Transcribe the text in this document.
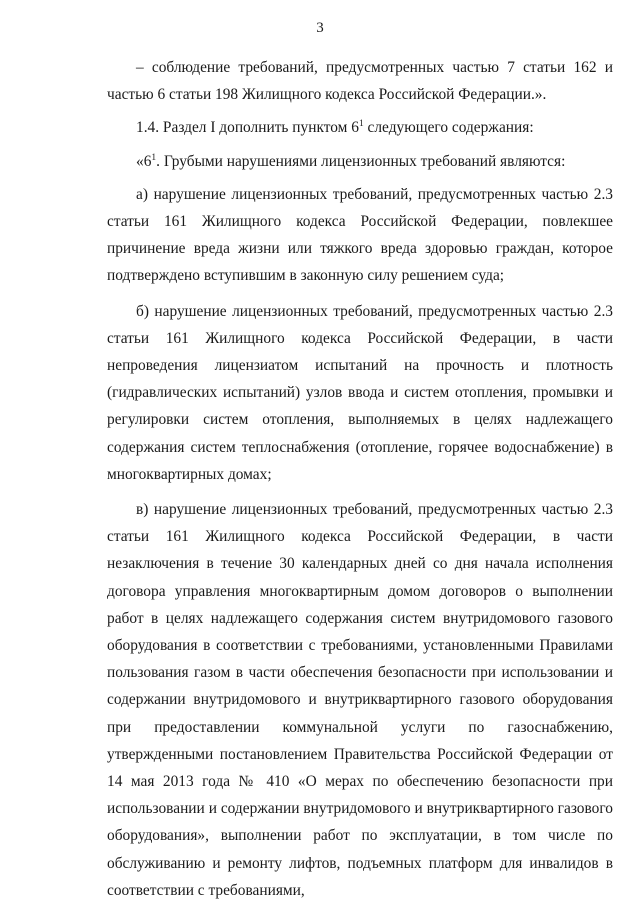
3

– соблюдение требований, предусмотренных частью 7 статьи 162 и частью 6 статьи 198 Жилищного кодекса Российской Федерации.».

1.4. Раздел I дополнить пунктом $6^1$ следующего содержания:

«$6^1$. Грубыми нарушениями лицензионных требований являются:

а) нарушение лицензионных требований, предусмотренных частью 2.3 статьи 161 Жилищного кодекса Российской Федерации, повлекшее причинение вреда жизни или тяжкого вреда здоровью граждан, которое подтверждено вступившим в законную силу решением суда;

б) нарушение лицензионных требований, предусмотренных частью 2.3 статьи 161 Жилищного кодекса Российской Федерации, в части непроведения лицензиатом испытаний на прочность и плотность (гидравлических испытаний) узлов ввода и систем отопления, промывки и регулировки систем отопления, выполняемых в целях надлежащего содержания систем теплоснабжения (отопление, горячее водоснабжение) в многоквартирных домах;

в) нарушение лицензионных требований, предусмотренных частью 2.3 статьи 161 Жилищного кодекса Российской Федерации, в части незаключения в течение 30 календарных дней со дня начала исполнения договора управления многоквартирным домом договоров о выполнении работ в целях надлежащего содержания систем внутридомового газового оборудования в соответствии с требованиями, установленными Правилами пользования газом в части обеспечения безопасности при использовании и содержании внутридомового и внутриквартирного газового оборудования при предоставлении коммунальной услуги по газоснабжению, утвержденными постановлением Правительства Российской Федерации от 14 мая 2013 года № 410 «О мерах по обеспечению безопасности при использовании и содержании внутридомового и внутриквартирного газового оборудования», выполнении работ по эксплуатации, в том числе по обслуживанию и ремонту лифтов, подъемных платформ для инвалидов в соответствии с требованиями,
